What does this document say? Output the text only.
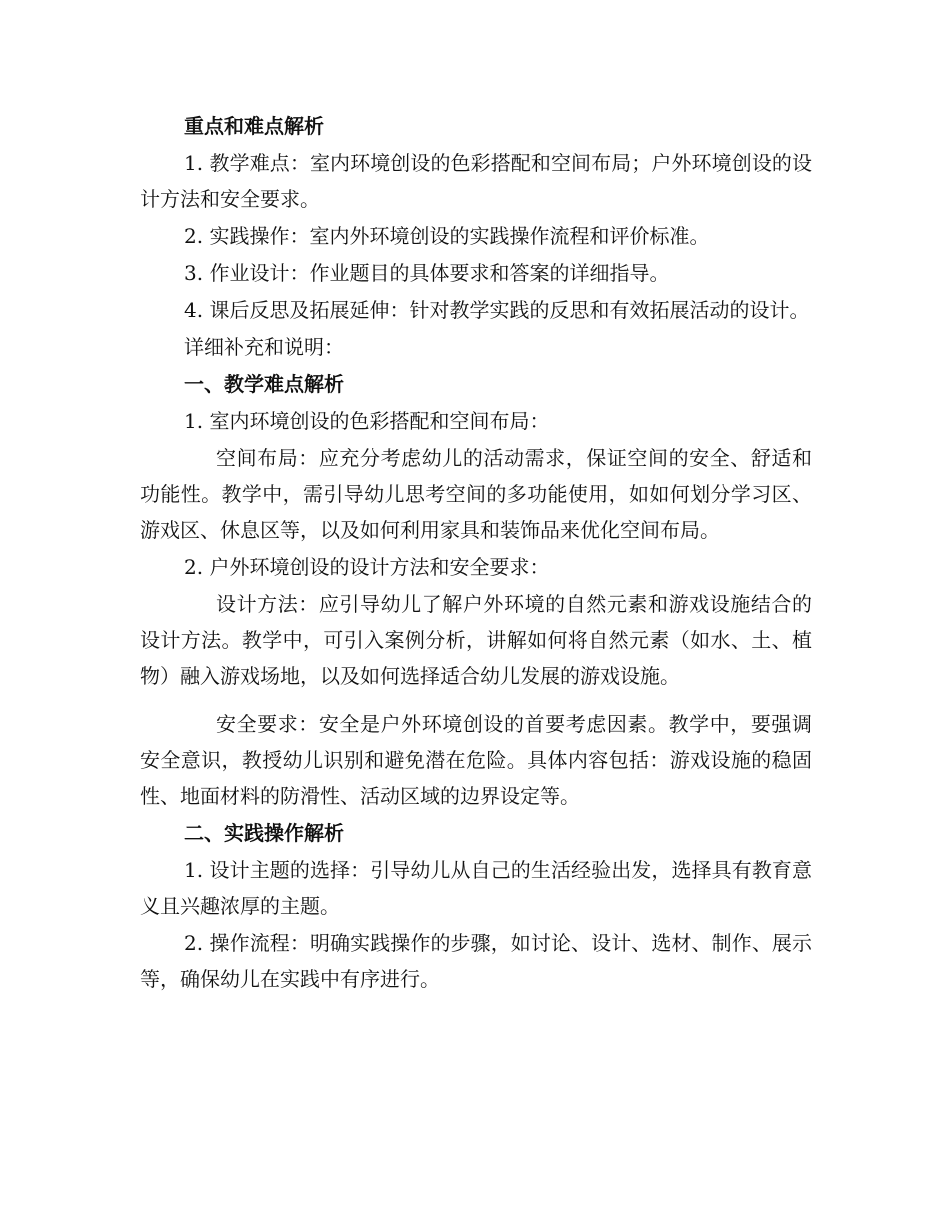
重点和难点解析

1. 教学难点：室内环境创设的色彩搭配和空间布局；户外环境创设的设计方法和安全要求。

2. 实践操作：室内外环境创设的实践操作流程和评价标准。

3. 作业设计：作业题目的具体要求和答案的详细指导。

4. 课后反思及拓展延伸：针对教学实践的反思和有效拓展活动的设计。

详细补充和说明：

一、教学难点解析

1. 室内环境创设的色彩搭配和空间布局：

空间布局：应充分考虑幼儿的活动需求，保证空间的安全、舒适和功能性。教学中，需引导幼儿思考空间的多功能使用，如如何划分学习区、游戏区、休息区等，以及如何利用家具和装饰品来优化空间布局。

2. 户外环境创设的设计方法和安全要求：

设计方法：应引导幼儿了解户外环境的自然元素和游戏设施结合的设计方法。教学中，可引入案例分析，讲解如何将自然元素（如水、土、植物）融入游戏场地，以及如何选择适合幼儿发展的游戏设施。

安全要求：安全是户外环境创设的首要考虑因素。教学中，要强调安全意识，教授幼儿识别和避免潜在危险。具体内容包括：游戏设施的稳固性、地面材料的防滑性、活动区域的边界设定等。

二、实践操作解析

1. 设计主题的选择：引导幼儿从自己的生活经验出发，选择具有教育意义且兴趣浓厚的主题。

2. 操作流程：明确实践操作的步骤，如讨论、设计、选材、制作、展示等，确保幼儿在实践中有序进行。
